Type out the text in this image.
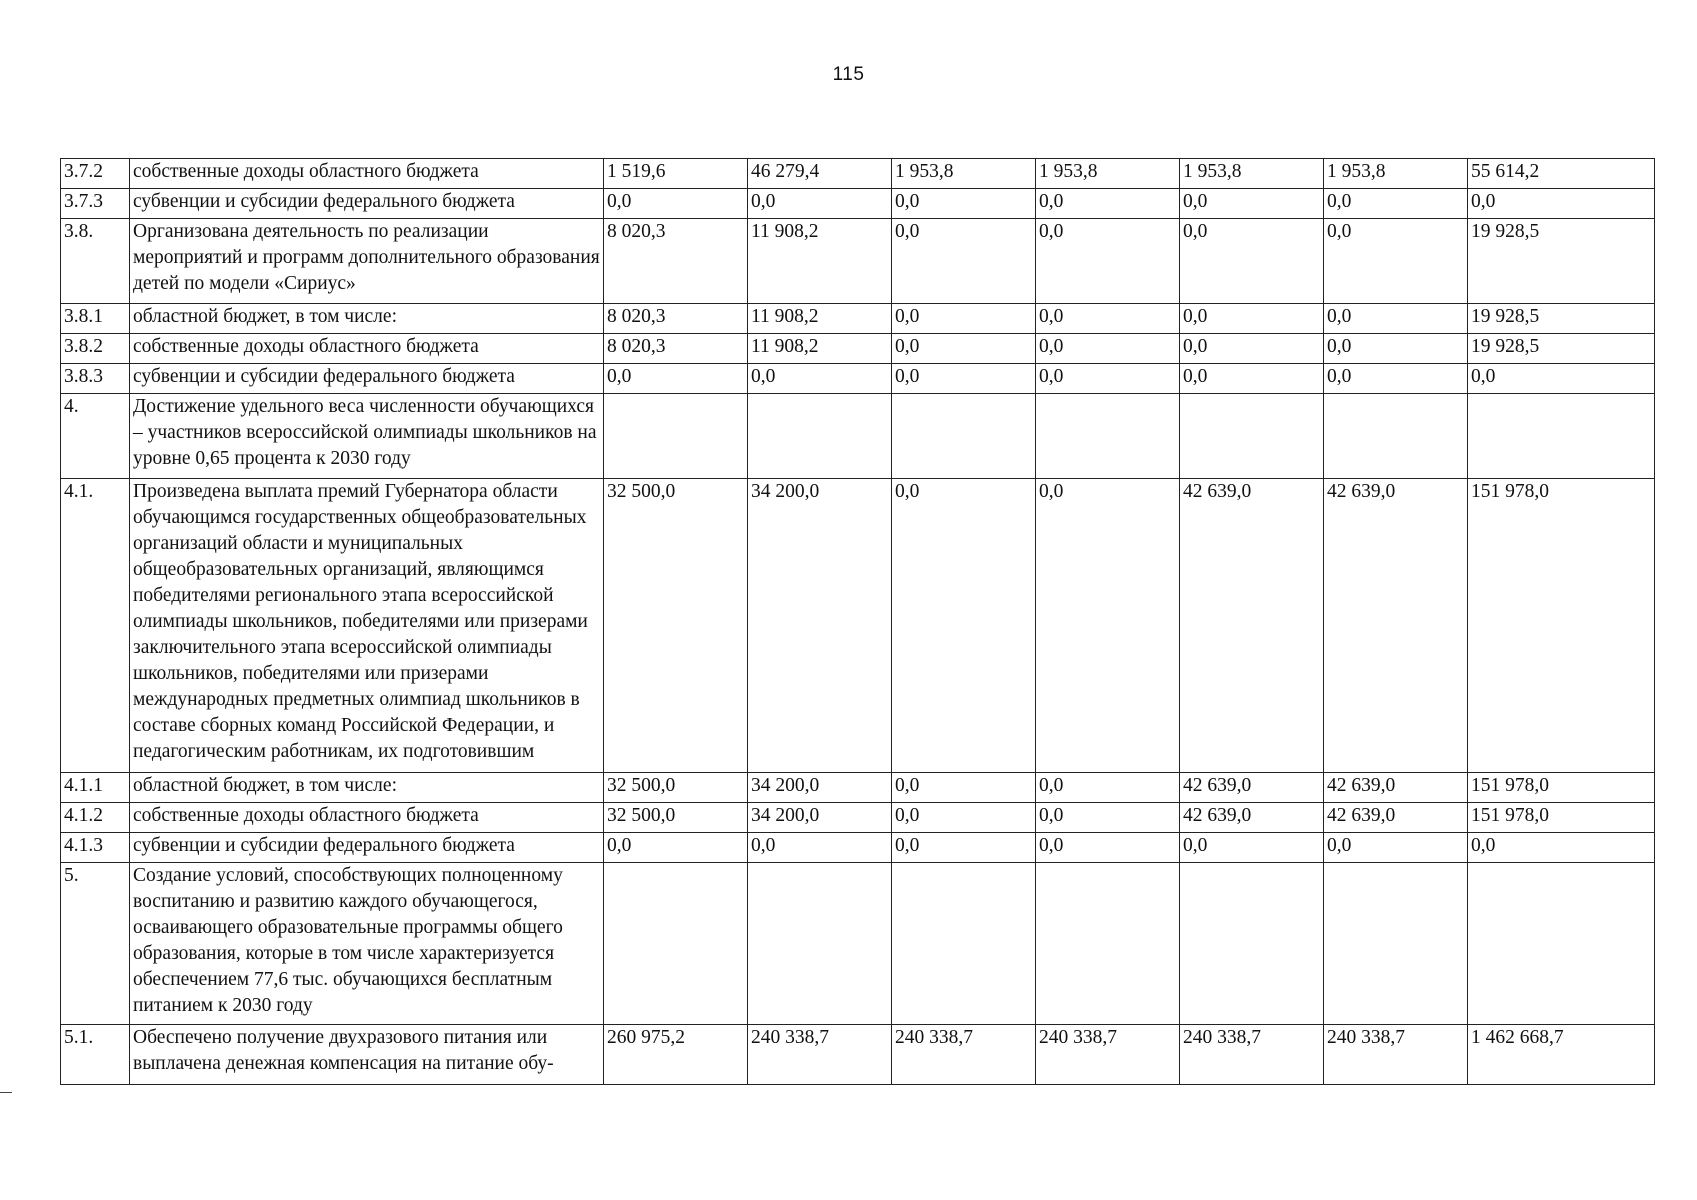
115
3.7.2	собственные доходы областного бюджета	1 519,6	46 279,4	1 953,8	1 953,8	1 953,8	1 953,8	55 614,2
3.7.3	субвенции и субсидии федерального бюджета	0,0	0,0	0,0	0,0	0,0	0,0	0,0
3.8.	Организована деятельность по реализации мероприятий и программ дополнительного образования детей по модели «Сириус»	8 020,3	11 908,2	0,0	0,0	0,0	0,0	19 928,5
3.8.1	областной бюджет, в том числе:	8 020,3	11 908,2	0,0	0,0	0,0	0,0	19 928,5
3.8.2	собственные доходы областного бюджета	8 020,3	11 908,2	0,0	0,0	0,0	0,0	19 928,5
3.8.3	субвенции и субсидии федерального бюджета	0,0	0,0	0,0	0,0	0,0	0,0	0,0
4.	Достижение удельного веса численности обучающихся – участников всероссийской олимпиады школьников на уровне 0,65 процента к 2030 году							
4.1.	Произведена выплата премий Губернатора области обучающимся государственных общеобразовательных организаций области и муниципальных общеобразовательных организаций, являющимся победителями регионального этапа всероссийской олимпиады школьников, победителями или призерами заключительного этапа всероссийской олимпиады школьников, победителями или призерами международных предметных олимпиад школьников в составе сборных команд Российской Федерации, и педагогическим работникам, их подготовившим	32 500,0	34 200,0	0,0	0,0	42 639,0	42 639,0	151 978,0
4.1.1	областной бюджет, в том числе:	32 500,0	34 200,0	0,0	0,0	42 639,0	42 639,0	151 978,0
4.1.2	собственные доходы областного бюджета	32 500,0	34 200,0	0,0	0,0	42 639,0	42 639,0	151 978,0
4.1.3	субвенции и субсидии федерального бюджета	0,0	0,0	0,0	0,0	0,0	0,0	0,0
5.	Создание условий, способствующих полноценному воспитанию и развитию каждого обучающегося, осваивающего образовательные программы общего образования, которые в том числе характеризуется обеспечением 77,6 тыс. обучающихся бесплатным питанием к 2030 году							
5.1.	Обеспечено получение двухразового питания или выплачена денежная компенсация на питание обу-	260 975,2	240 338,7	240 338,7	240 338,7	240 338,7	240 338,7	1 462 668,7
